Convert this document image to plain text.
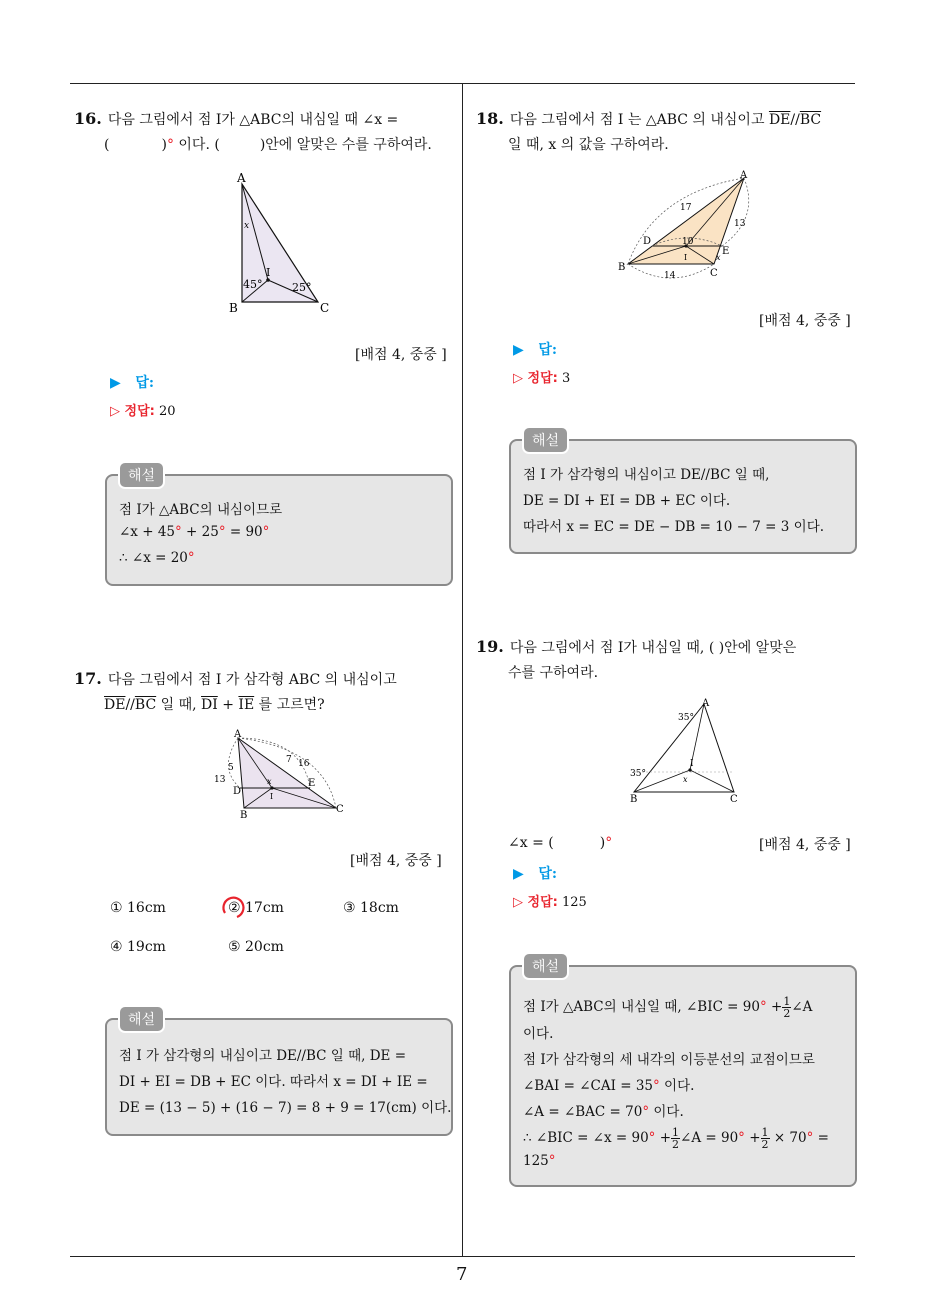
7
16. 다음 그림에서 점 I가 △ABC의 내심일 때 ∠x =
(	)° 이다. (	)안에 알맞은 수를 구하여라.
A
B	C
I
x
45°	25°
[배점 4, 중중 ]
▶   답:
▷ 정답: 20
점 I가 △ABC의 내심이므로
∠x + 45° + 25° = 90°
∴ ∠x = 20°
해설
17. 다음 그림에서 점 I 가 삼각형 ABC 의 내심이고
$\overline{DE}//\overline{BC}$ 일 때, $\overline{DI} + \overline{IE}$ 를 고르면?
A
B
C
D
E
I
13
5
7 16
x
[배점 4, 중중 ]
① 16cm	② 17cm	③ 18cm
④ 19cm	⑤ 20cm
점 I 가 삼각형의 내심이고 DE//BC 일 때, DE =
DI + EI = DB + EC 이다. 따라서 x = DI + IE =
DE = (13 − 5) + (16 − 7) = 8 + 9 = 17(cm) 이다.
해설
18. 다음 그림에서 점 I 는 △ABC 의 내심이고 $\overline{DE}//\overline{BC}$
일 때, x 의 값을 구하여라.
A
B
C
D
E
I
17
13
10
14
x
[배점 4, 중중 ]
▶   답:
▷ 정답: 3
점 I 가 삼각형의 내심이고 DE//BC 일 때,
DE = DI + EI = DB + EC 이다.
따라서 x = EC = DE − DB = 10 − 7 = 3 이다.
해설
19. 다음 그림에서 점 I가 내심일 때, ( )안에 알맞은
수를 구하여라.
A
B	C
I
x
35°
35°
∠x = (	)°	[배점 4, 중중 ]
▶   답:
▷ 정답: 125
점 I가 △ABC의 내심일 때, ∠BIC = $90^\circ + \frac{1}{2}$ ∠A
이다.
점 I가 삼각형의 세 내각의 이등분선의 교점이므로
∠BAI = ∠CAI = 35° 이다.
∠A = ∠BAC = 70° 이다.
∴ ∠BIC = ∠x = $90^\circ + \frac{1}{2}$ ∠A = $90^\circ + \frac{1}{2} \times 70^\circ$ =
125°
해설
